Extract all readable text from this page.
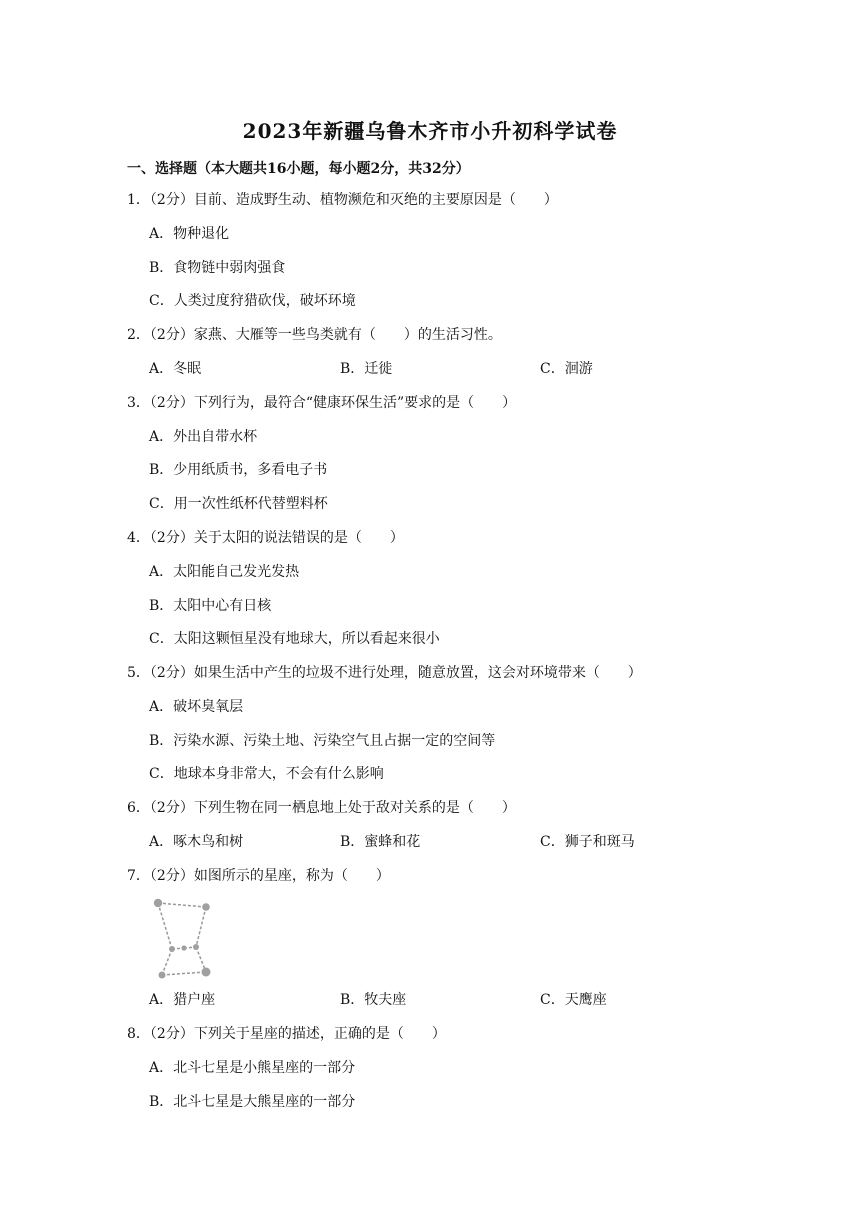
2023年新疆乌鲁木齐市小升初科学试卷
一、选择题（本大题共16小题，每小题2分，共32分）
1．（2分）目前、造成野生动、植物濒危和灭绝的主要原因是（　　）
A．物种退化
B．食物链中弱肉强食
C．人类过度狩猎砍伐，破坏环境
2．（2分）家燕、大雁等一些鸟类就有（　　）的生活习性。
A．冬眠	B．迁徙	C．洄游
3．（2分）下列行为，最符合“健康环保生活”要求的是（　　）
A．外出自带水杯
B．少用纸质书，多看电子书
C．用一次性纸杯代替塑料杯
4．（2分）关于太阳的说法错误的是（　　）
A．太阳能自己发光发热
B．太阳中心有日核
C．太阳这颗恒星没有地球大，所以看起来很小
5．（2分）如果生活中产生的垃圾不进行处理，随意放置，这会对环境带来（　　）
A．破坏臭氧层
B．污染水源、污染土地、污染空气且占据一定的空间等
C．地球本身非常大，不会有什么影响
6．（2分）下列生物在同一栖息地上处于敌对关系的是（　　）
A．啄木鸟和树	B．蜜蜂和花	C．狮子和斑马
7．（2分）如图所示的星座，称为（　　）
A．猎户座	B．牧夫座	C．天鹰座
8．（2分）下列关于星座的描述，正确的是（　　）
A．北斗七星是小熊星座的一部分
B．北斗七星是大熊星座的一部分
